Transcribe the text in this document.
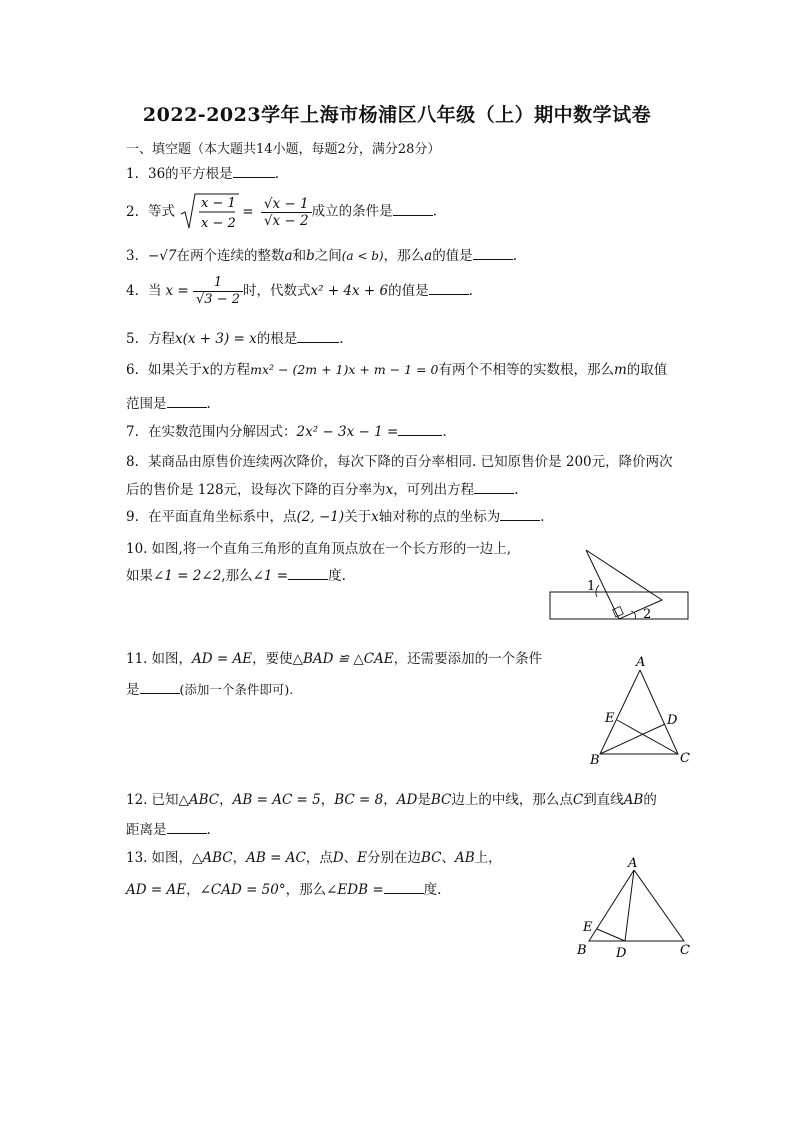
2022-2023学年上海市杨浦区八年级（上）期中数学试卷
一、填空题（本大题共14小题，每题2分，满分28分）
1. 36的平方根是	.
2. 等式 x − 1
x − 2
= $\frac{√x - 1}{√x - 2}$ 成立的条件是	.
3. −√7在两个连续的整数a和b之间(a < b)，那么a的值是	.
4. 当 $x = \frac{1}{√3 - 2}$ 时，代数式x² + 4x + 6的值是	.
5. 方程x(x + 3) = x的根是	.
6. 如果关于x的方程mx² − (2m + 1)x + m − 1 = 0有两个不相等的实数根，那么m的取值
范围是	.
7. 在实数范围内分解因式：2x² − 3x − 1 =	.
8. 某商品由原售价连续两次降价，每次下降的百分率相同. 已知原售价是 200元，降价两次
后的售价是 128元，设每次下降的百分率为x，可列出方程	.
9. 在平面直角坐标系中，点(2, −1)关于x轴对称的点的坐标为	.
10. 如图,将一个直角三角形的直角顶点放在一个长方形的一边上,
如果∠1 = 2∠2,那么∠1 =	度.
1
2
11. 如图，AD = AE，要使△BAD ≌ △CAE，还需要添加的一个条件
是	(添加一个条件即可).
A
B	C
D
E
12. 已知△ABC，AB = AC = 5，BC = 8，AD是BC边上的中线，那么点C到直线AB的
距离是	.
13. 如图，△ABC，AB = AC，点D、E分别在边BC、AB上，
AD = AE，∠CAD = 50°，那么∠EDB =	度.
A
B	C
D
E
